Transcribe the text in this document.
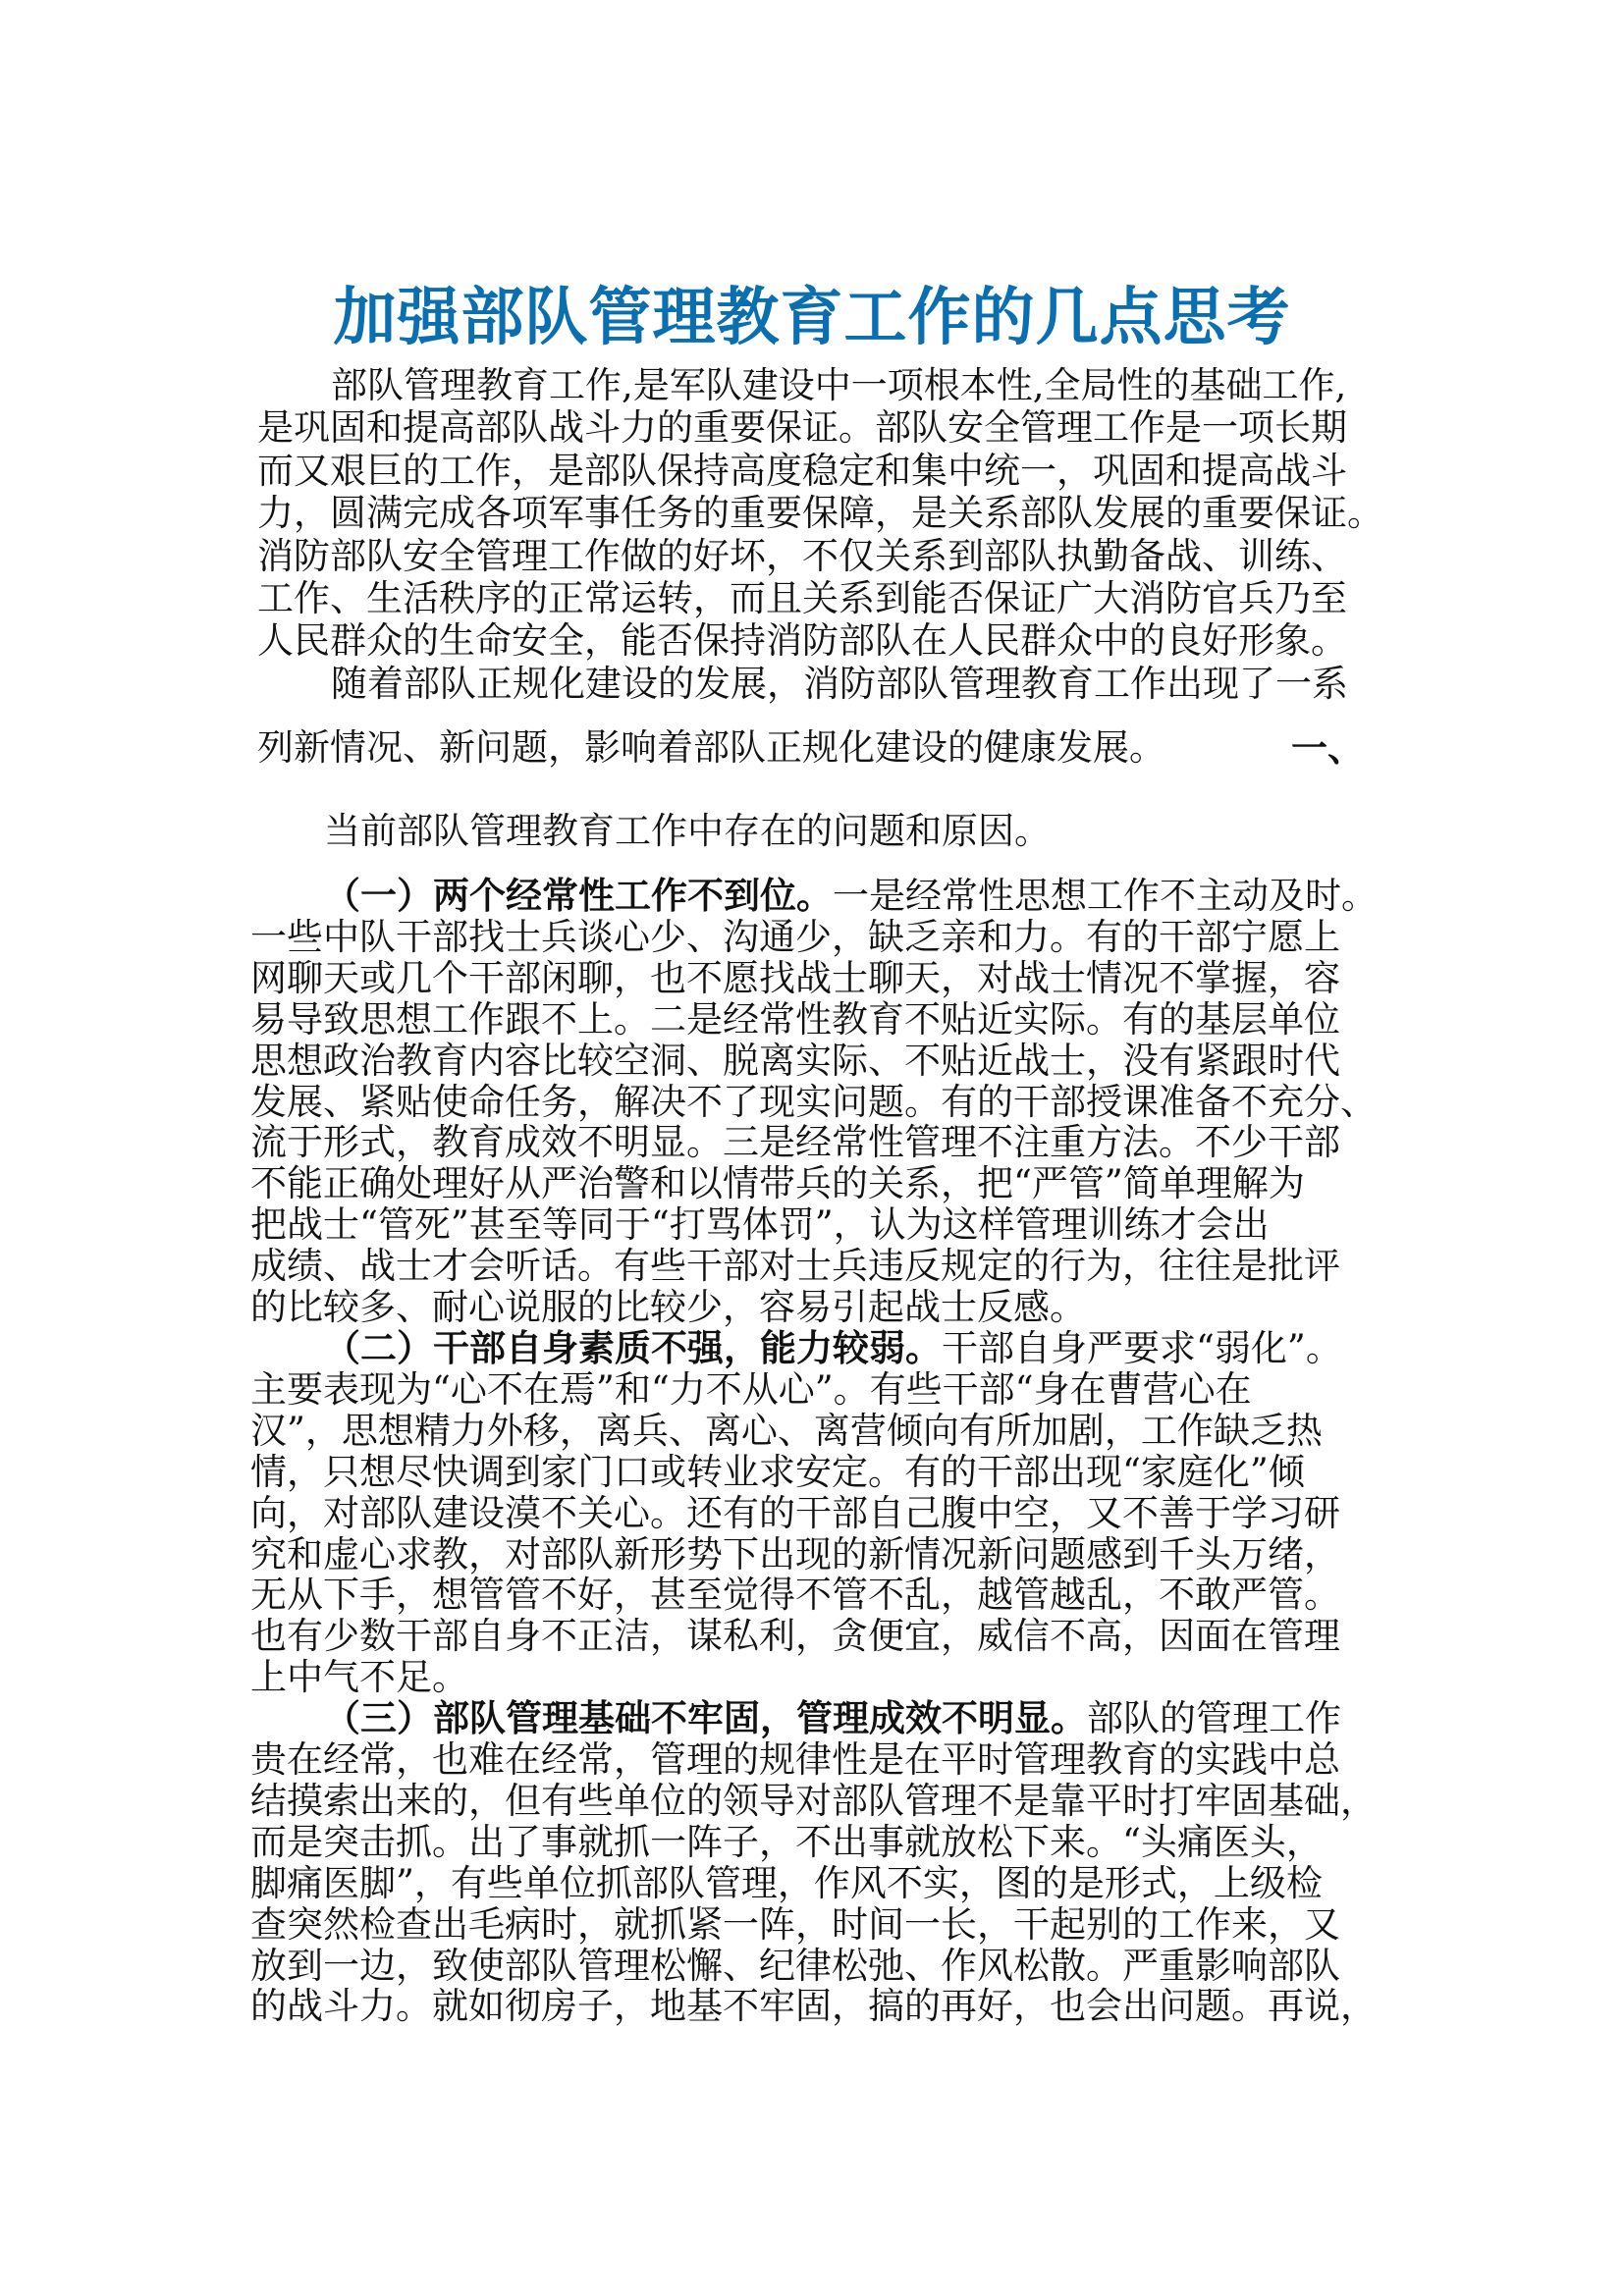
加强部队管理教育工作的几点思考
部队管理教育工作,是军队建设中一项根本性,全局性的基础工作,
是巩固和提高部队战斗力的重要保证。部队安全管理工作是一项长期
而又艰巨的工作，是部队保持高度稳定和集中统一，巩固和提高战斗
力，圆满完成各项军事任务的重要保障，是关系部队发展的重要保证。
消防部队安全管理工作做的好坏，不仅关系到部队执勤备战、训练、
工作、生活秩序的正常运转，而且关系到能否保证广大消防官兵乃至
人民群众的生命安全，能否保持消防部队在人民群众中的良好形象。
随着部队正规化建设的发展，消防部队管理教育工作出现了一系
列新情况、新问题，影响着部队正规化建设的健康发展。	一、
当前部队管理教育工作中存在的问题和原因。
（一）两个经常性工作不到位。一是经常性思想工作不主动及时。
一些中队干部找士兵谈心少、沟通少，缺乏亲和力。有的干部宁愿上
网聊天或几个干部闲聊，也不愿找战士聊天，对战士情况不掌握，容
易导致思想工作跟不上。二是经常性教育不贴近实际。有的基层单位
思想政治教育内容比较空洞、脱离实际、不贴近战士，没有紧跟时代
发展、紧贴使命任务，解决不了现实问题。有的干部授课准备不充分、
流于形式，教育成效不明显。三是经常性管理不注重方法。不少干部
不能正确处理好从严治警和以情带兵的关系，把“严管”简单理解为
把战士“管死”甚至等同于“打骂体罚”，认为这样管理训练才会出
成绩、战士才会听话。有些干部对士兵违反规定的行为，往往是批评
的比较多、耐心说服的比较少，容易引起战士反感。
（二）干部自身素质不强，能力较弱。干部自身严要求“弱化”。
主要表现为“心不在焉”和“力不从心”。有些干部“身在曹营心在
汉”，思想精力外移，离兵、离心、离营倾向有所加剧，工作缺乏热
情，只想尽快调到家门口或转业求安定。有的干部出现“家庭化”倾
向，对部队建设漠不关心。还有的干部自己腹中空，又不善于学习研
究和虚心求教，对部队新形势下出现的新情况新问题感到千头万绪，
无从下手，想管管不好，甚至觉得不管不乱，越管越乱，不敢严管。
也有少数干部自身不正洁，谋私利，贪便宜，威信不高，因面在管理
上中气不足。
（三）部队管理基础不牢固，管理成效不明显。部队的管理工作
贵在经常，也难在经常，管理的规律性是在平时管理教育的实践中总
结摸索出来的，但有些单位的领导对部队管理不是靠平时打牢固基础，
而是突击抓。出了事就抓一阵子，不出事就放松下来。“头痛医头，
脚痛医脚”，有些单位抓部队管理，作风不实，图的是形式，上级检
查突然检查出毛病时，就抓紧一阵，时间一长，干起别的工作来，又
放到一边，致使部队管理松懈、纪律松弛、作风松散。严重影响部队
的战斗力。就如彻房子，地基不牢固，搞的再好，也会出问题。再说，
